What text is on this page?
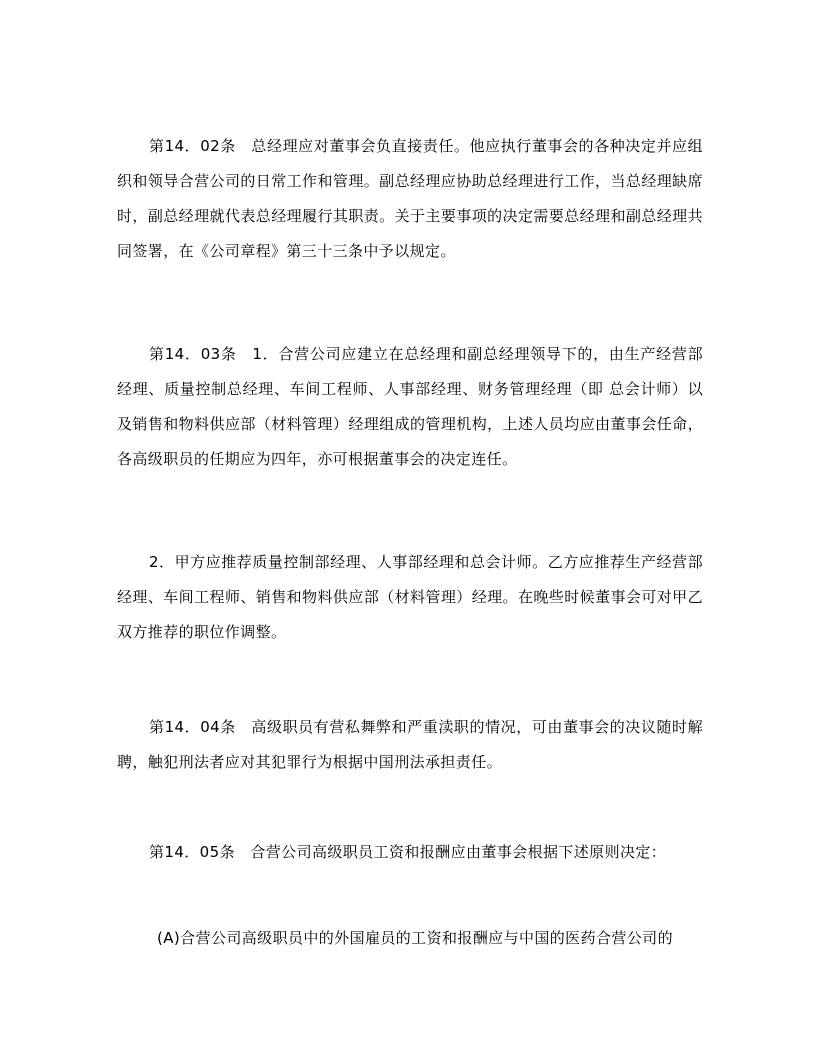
第14．02条　总经理应对董事会负直接责任。他应执行董事会的各种决定并应组织和领导合营公司的日常工作和管理。副总经理应协助总经理进行工作，当总经理缺席时，副总经理就代表总经理履行其职责。关于主要事项的决定需要总经理和副总经理共同签署，在《公司章程》第三十三条中予以规定。

第14．03条　1．合营公司应建立在总经理和副总经理领导下的，由生产经营部经理、质量控制总经理、车间工程师、人事部经理、财务管理经理（即 总会计师）以及销售和物料供应部（材料管理）经理组成的管理机构，上述人员均应由董事会任命，各高级职员的任期应为四年，亦可根据董事会的决定连任。

2．甲方应推荐质量控制部经理、人事部经理和总会计师。乙方应推荐生产经营部经理、车间工程师、销售和物料供应部（材料管理）经理。在晚些时候董事会可对甲乙双方推荐的职位作调整。

第14．04条　高级职员有营私舞弊和严重渎职的情况，可由董事会的决议随时解聘，触犯刑法者应对其犯罪行为根据中国刑法承担责任。

第14．05条　合营公司高级职员工资和报酬应由董事会根据下述原则决定：

(A)合营公司高级职员中的外国雇员的工资和报酬应与中国的医药合营公司的
